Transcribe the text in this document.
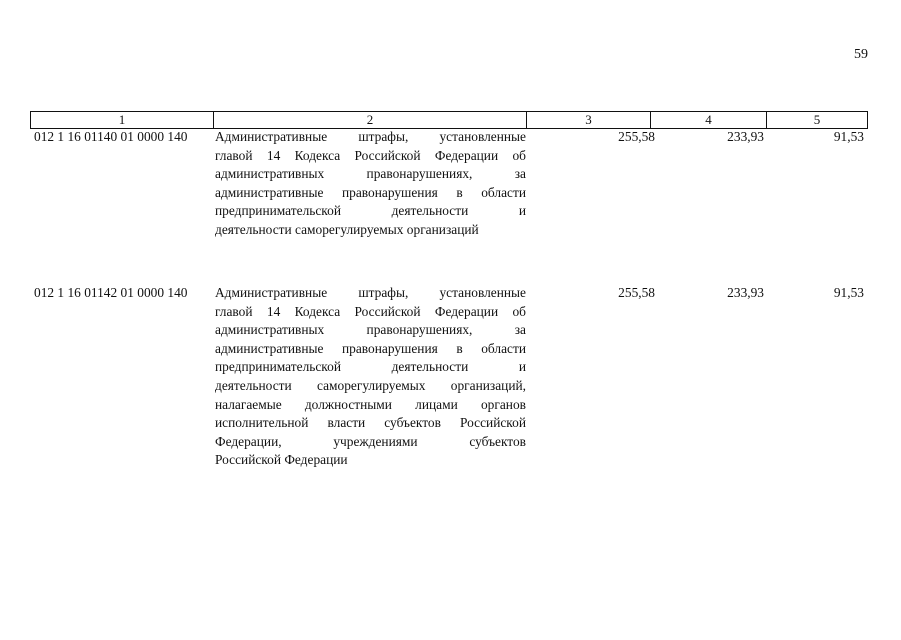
59
1	2	3	4	5
012 1 16 01140 01 0000 140 Административные штрафы, установленные
главой 14 Кодекса Российской Федерации об
административных правонарушениях, за
административные правонарушения в области
предпринимательской деятельности и
деятельности саморегулируемых организаций
255,58	233,93	91,53
012 1 16 01142 01 0000 140 Административные штрафы, установленные
главой 14 Кодекса Российской Федерации об
административных правонарушениях, за
административные правонарушения в области
предпринимательской деятельности и
деятельности саморегулируемых организаций,
налагаемые должностными лицами органов
исполнительной власти субъектов Российской
Федерации, учреждениями субъектов
Российской Федерации
255,58	233,93	91,53
